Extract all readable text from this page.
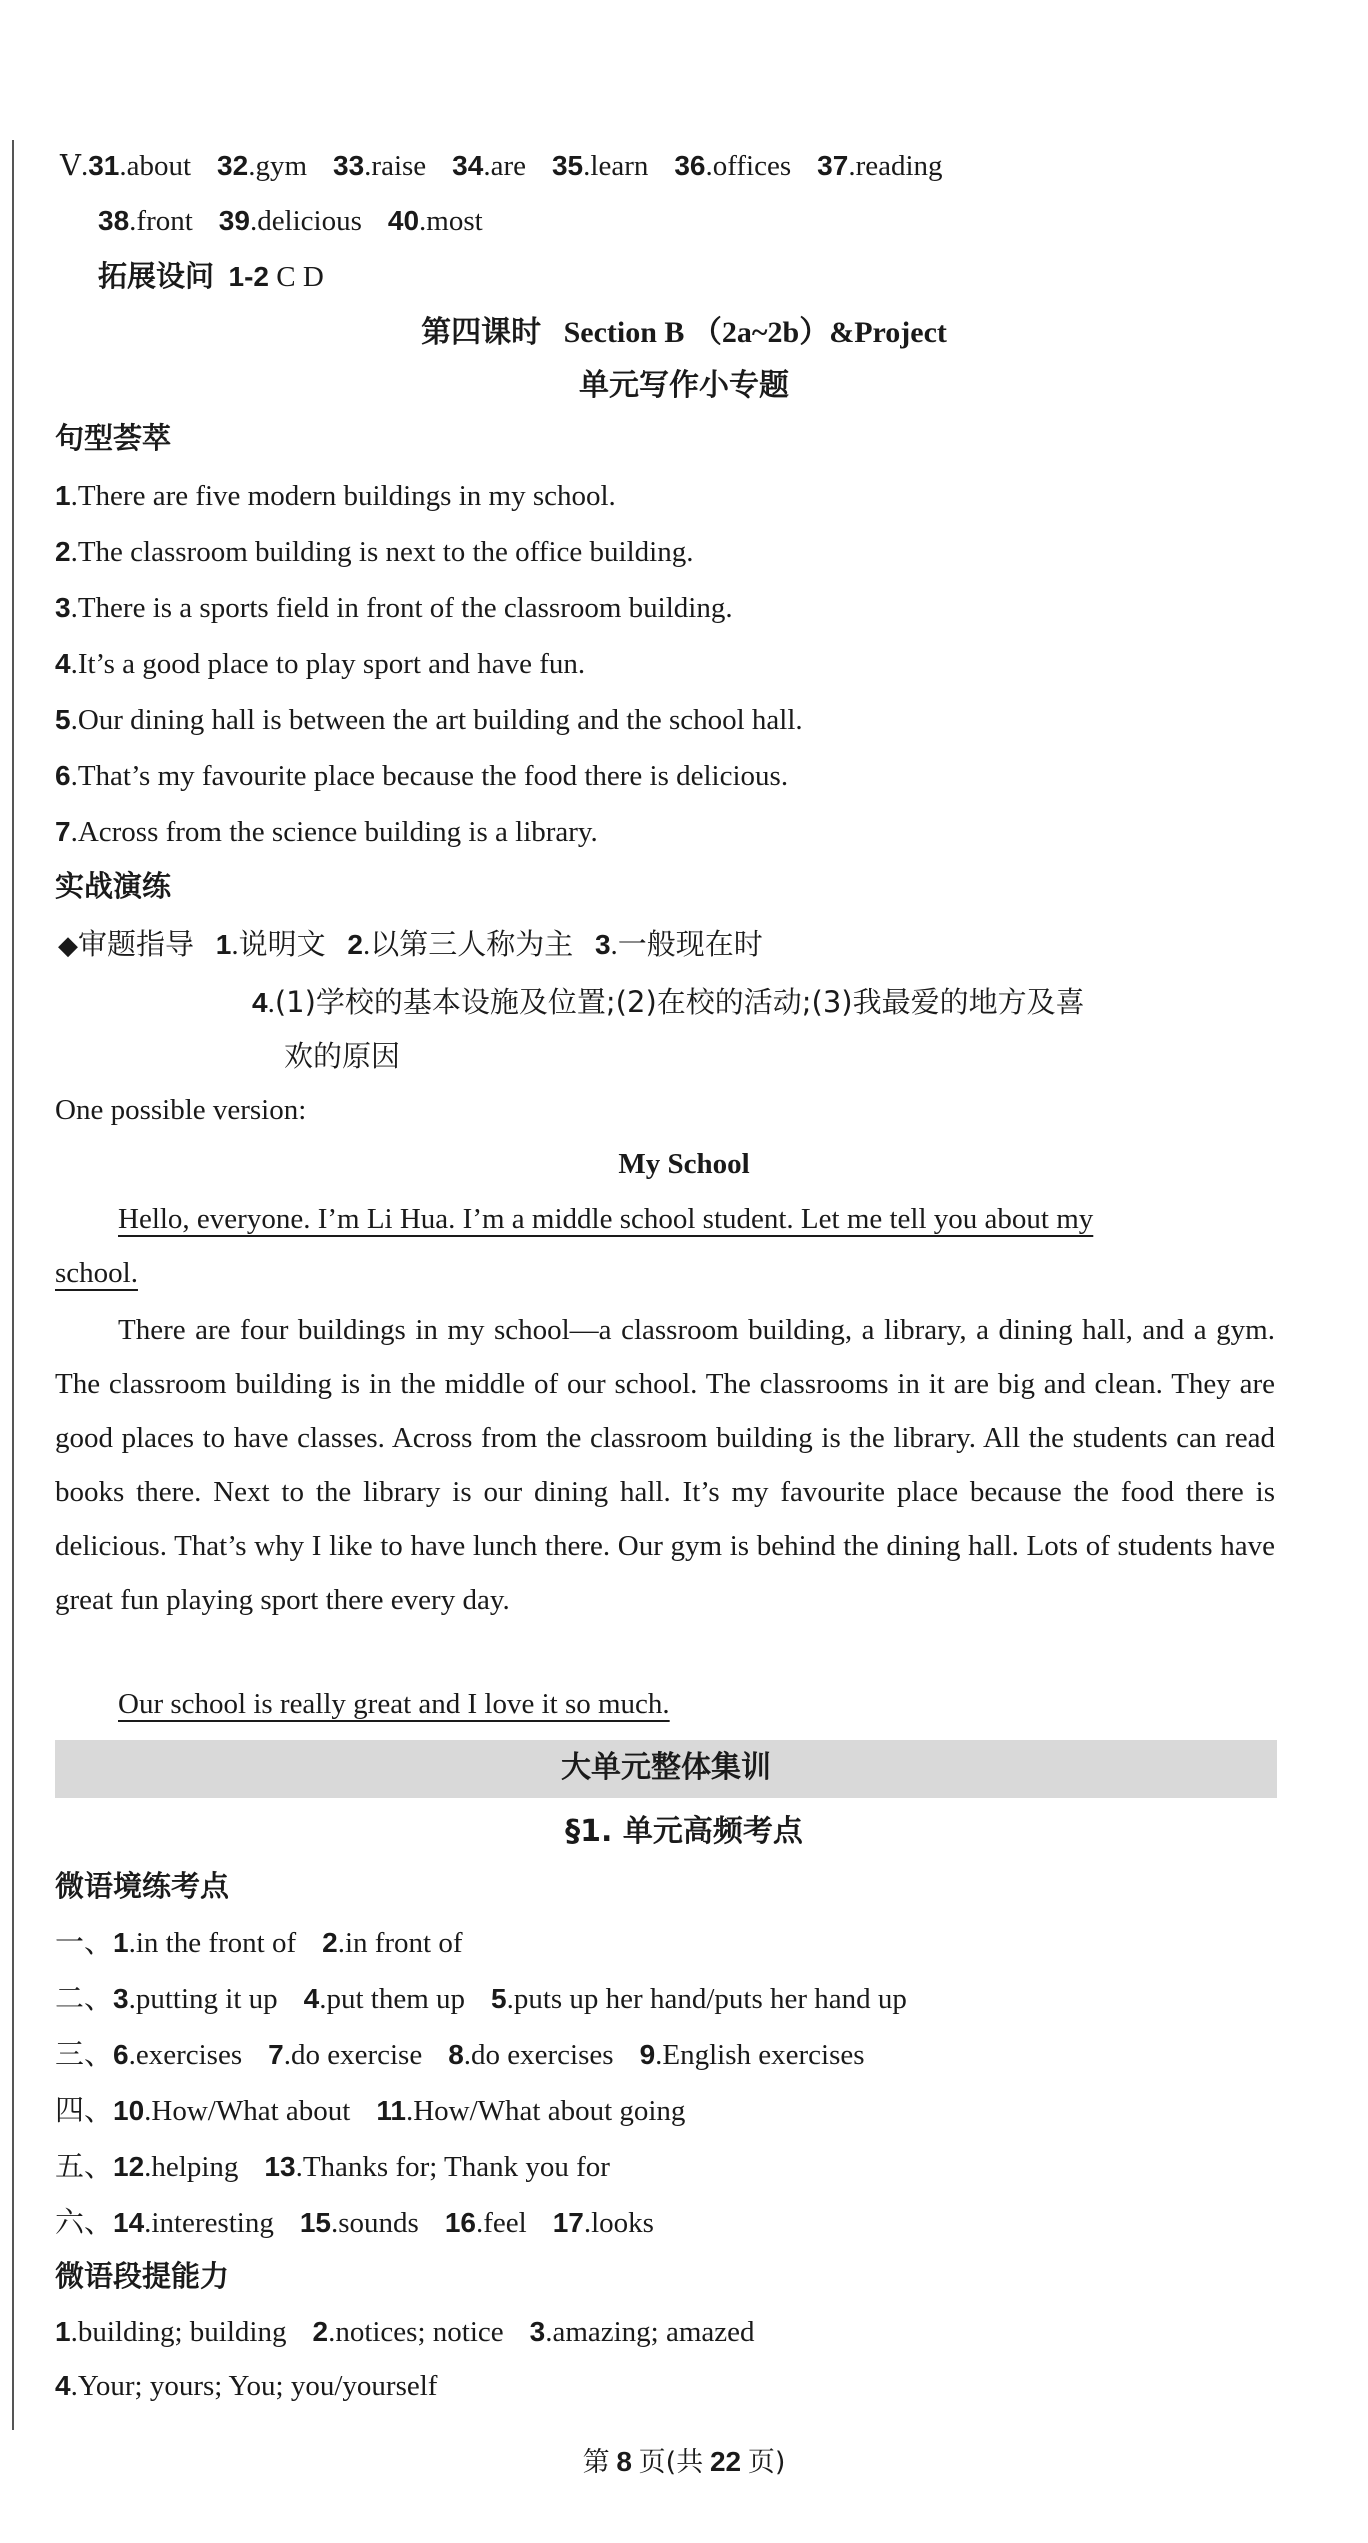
Ⅴ.31.about 32.gym 33.raise 34.are 35.learn 36.offices 37.reading
38.front 39.delicious 40.most
拓展设问 1-2 C D
第四课时 Section B （2a~2b）&Project
单元写作小专题
句型荟萃
1.There are five modern buildings in my school.
2.The classroom building is next to the office building.
3.There is a sports field in front of the classroom building.
4.It’s a good place to play sport and have fun.
5.Our dining hall is between the art building and the school hall.
6.That’s my favourite place because the food there is delicious.
7.Across from the science building is a library.
实战演练
◆审题指导 1.说明文 2.以第三人称为主 3.一般现在时
4.(1)学校的基本设施及位置;(2)在校的活动;(3)我最爱的地方及喜
欢的原因
One possible version:
My School
Hello, everyone. I’m Li Hua. I’m a middle school student. Let me tell you about my
school.
There are four buildings in my school—a classroom building, a library, a dining hall, and a gym. The classroom building is in the middle of our school. The classrooms in it are big and clean. They are good places to have classes. Across from the classroom building is the library. All the students can read books there. Next to the library is our dining hall. It’s my favourite place because the food there is delicious. That’s why I like to have lunch there. Our gym is behind the dining hall. Lots of students have great fun playing sport there every day.
Our school is really great and I love it so much.
大单元整体集训
§1. 单元高频考点
微语境练考点
一、1.in the front of 2.in front of
二、3.putting it up 4.put them up 5.puts up her hand/puts her hand up
三、6.exercises 7.do exercise 8.do exercises 9.English exercises
四、10.How/What about 11.How/What about going
五、12.helping 13.Thanks for; Thank you for
六、14.interesting 15.sounds 16.feel 17.looks
微语段提能力
1.building; building 2.notices; notice 3.amazing; amazed
4.Your; yours; You; you/yourself
第 8 页(共 22 页)
